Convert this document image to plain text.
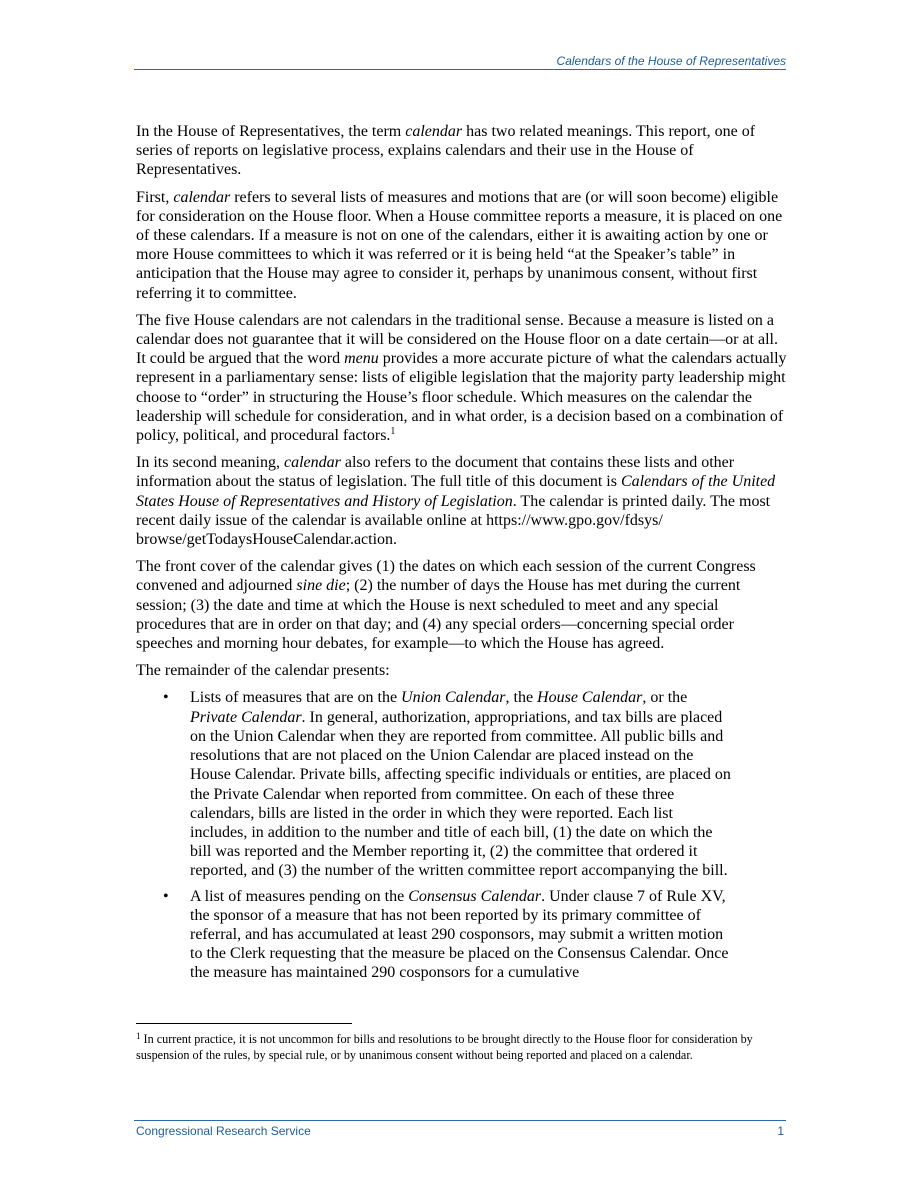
Calendars of the House of Representatives

In the House of Representatives, the term calendar has two related meanings. This report, one of series of reports on legislative process, explains calendars and their use in the House of Representatives.

First, calendar refers to several lists of measures and motions that are (or will soon become) eligible for consideration on the House floor. When a House committee reports a measure, it is placed on one of these calendars. If a measure is not on one of the calendars, either it is awaiting action by one or more House committees to which it was referred or it is being held “at the Speaker’s table” in anticipation that the House may agree to consider it, perhaps by unanimous consent, without first referring it to committee.

The five House calendars are not calendars in the traditional sense. Because a measure is listed on a calendar does not guarantee that it will be considered on the House floor on a date certain—or at all. It could be argued that the word menu provides a more accurate picture of what the calendars actually represent in a parliamentary sense: lists of eligible legislation that the majority party leadership might choose to “order” in structuring the House’s floor schedule. Which measures on the calendar the leadership will schedule for consideration, and in what order, is a decision based on a combination of policy, political, and procedural factors.$^1$

In its second meaning, calendar also refers to the document that contains these lists and other information about the status of legislation. The full title of this document is Calendars of the United States House of Representatives and History of Legislation. The calendar is printed daily. The most recent daily issue of the calendar is available online at https://www.gpo.gov/fdsys/ browse/getTodaysHouseCalendar.action.

The front cover of the calendar gives (1) the dates on which each session of the current Congress convened and adjourned sine die; (2) the number of days the House has met during the current session; (3) the date and time at which the House is next scheduled to meet and any special procedures that are in order on that day; and (4) any special orders—concerning special order speeches and morning hour debates, for example—to which the House has agreed.

The remainder of the calendar presents:

• Lists of measures that are on the Union Calendar, the House Calendar, or the Private Calendar. In general, authorization, appropriations, and tax bills are placed on the Union Calendar when they are reported from committee. All public bills and resolutions that are not placed on the Union Calendar are placed instead on the House Calendar. Private bills, affecting specific individuals or entities, are placed on the Private Calendar when reported from committee. On each of these three calendars, bills are listed in the order in which they were reported. Each list includes, in addition to the number and title of each bill, (1) the date on which the bill was reported and the Member reporting it, (2) the committee that ordered it reported, and (3) the number of the written committee report accompanying the bill.
• A list of measures pending on the Consensus Calendar. Under clause 7 of Rule XV, the sponsor of a measure that has not been reported by its primary committee of referral, and has accumulated at least 290 cosponsors, may submit a written motion to the Clerk requesting that the measure be placed on the Consensus Calendar. Once the measure has maintained 290 cosponsors for a cumulative
$^1$ In current practice, it is not uncommon for bills and resolutions to be brought directly to the House floor for consideration by suspension of the rules, by special rule, or by unanimous consent without being reported and placed on a calendar.
Congressional Research Service	1
